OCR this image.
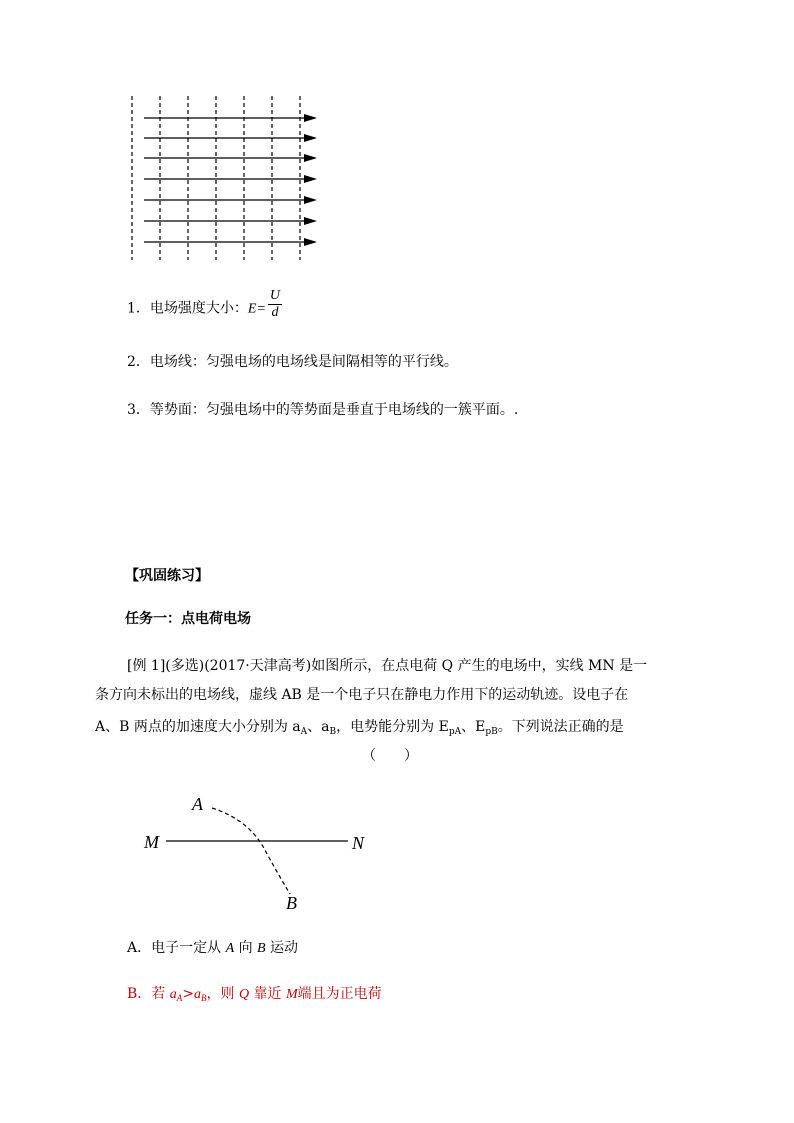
1．电场强度大小：$E= \frac{U}{d}$
2．电场线：匀强电场的电场线是间隔相等的平行线。
3．等势面：匀强电场中的等势面是垂直于电场线的一簇平面。.
【巩固练习】
任务一：点电荷电场
[例 1](多选)(2017·天津高考)如图所示，在点电荷 Q 产生的电场中，实线 MN 是一
条方向未标出的电场线，虚线 AB 是一个电子只在静电力作用下的运动轨迹。设电子在
A、B 两点的加速度大小分别为 $a_A$、$a_B$，电势能分别为 $E_{pA}$、$E_{pB}$。下列说法正确的是
（　　）
M	N
A
B
A．电子一定从 A 向 B 运动
B．若 $a_A>a_B$，则 Q 靠近 M端且为正电荷
